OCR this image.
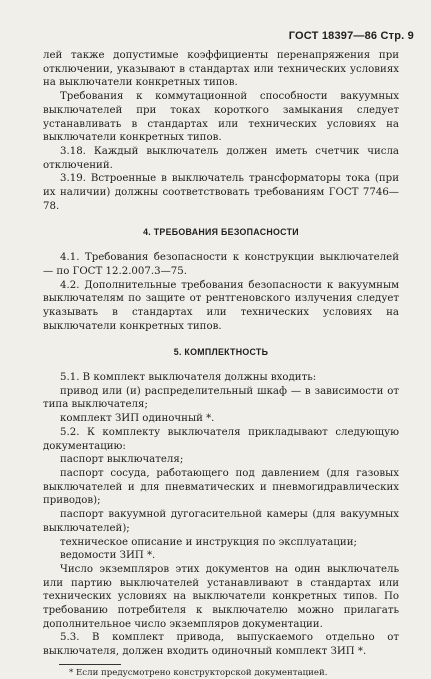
ГОСТ 18397—86 Стр. 9

лей также допустимые коэффициенты перенапряжения при отключении, указывают в стандартах или технических условиях на выключатели конкретных типов.

Требования к коммутационной способности вакуумных выключателей при токах короткого замыкания следует устанавливать в стандартах или технических условиях на выключатели конкретных типов.

3.18. Каждый выключатель должен иметь счетчик числа отключений.

3.19. Встроенные в выключатель трансформаторы тока (при их наличии) должны соответствовать требованиям ГОСТ 7746—78.

4. ТРЕБОВАНИЯ БЕЗОПАСНОСТИ

4.1. Требования безопасности к конструкции выключателей — по ГОСТ 12.2.007.3—75.

4.2. Дополнительные требования безопасности к вакуумным выключателям по защите от рентгеновского излучения следует указывать в стандартах или технических условиях на выключатели конкретных типов.

5. КОМПЛЕКТНОСТЬ

5.1. В комплект выключателя должны входить:

привод или (и) распределительный шкаф — в зависимости от типа выключателя;

комплект ЗИП одиночный *.

5.2. К комплекту выключателя прикладывают следующую документацию:

паспорт выключателя;

паспорт сосуда, работающего под давлением (для газовых выключателей и для пневматических и пневмогидравлических приводов);

паспорт вакуумной дугогасительной камеры (для вакуумных выключателей);

техническое описание и инструкция по эксплуатации;

ведомости ЗИП *.

Число экземпляров этих документов на один выключатель или партию выключателей устанавливают в стандартах или технических условиях на выключатели конкретных типов. По требованию потребителя к выключателю можно прилагать дополнительное число экземпляров документации.

5.3. В комплект привода, выпускаемого отдельно от выключателя, должен входить одиночный комплект ЗИП *.

* Если предусмотрено конструкторской документацией.
